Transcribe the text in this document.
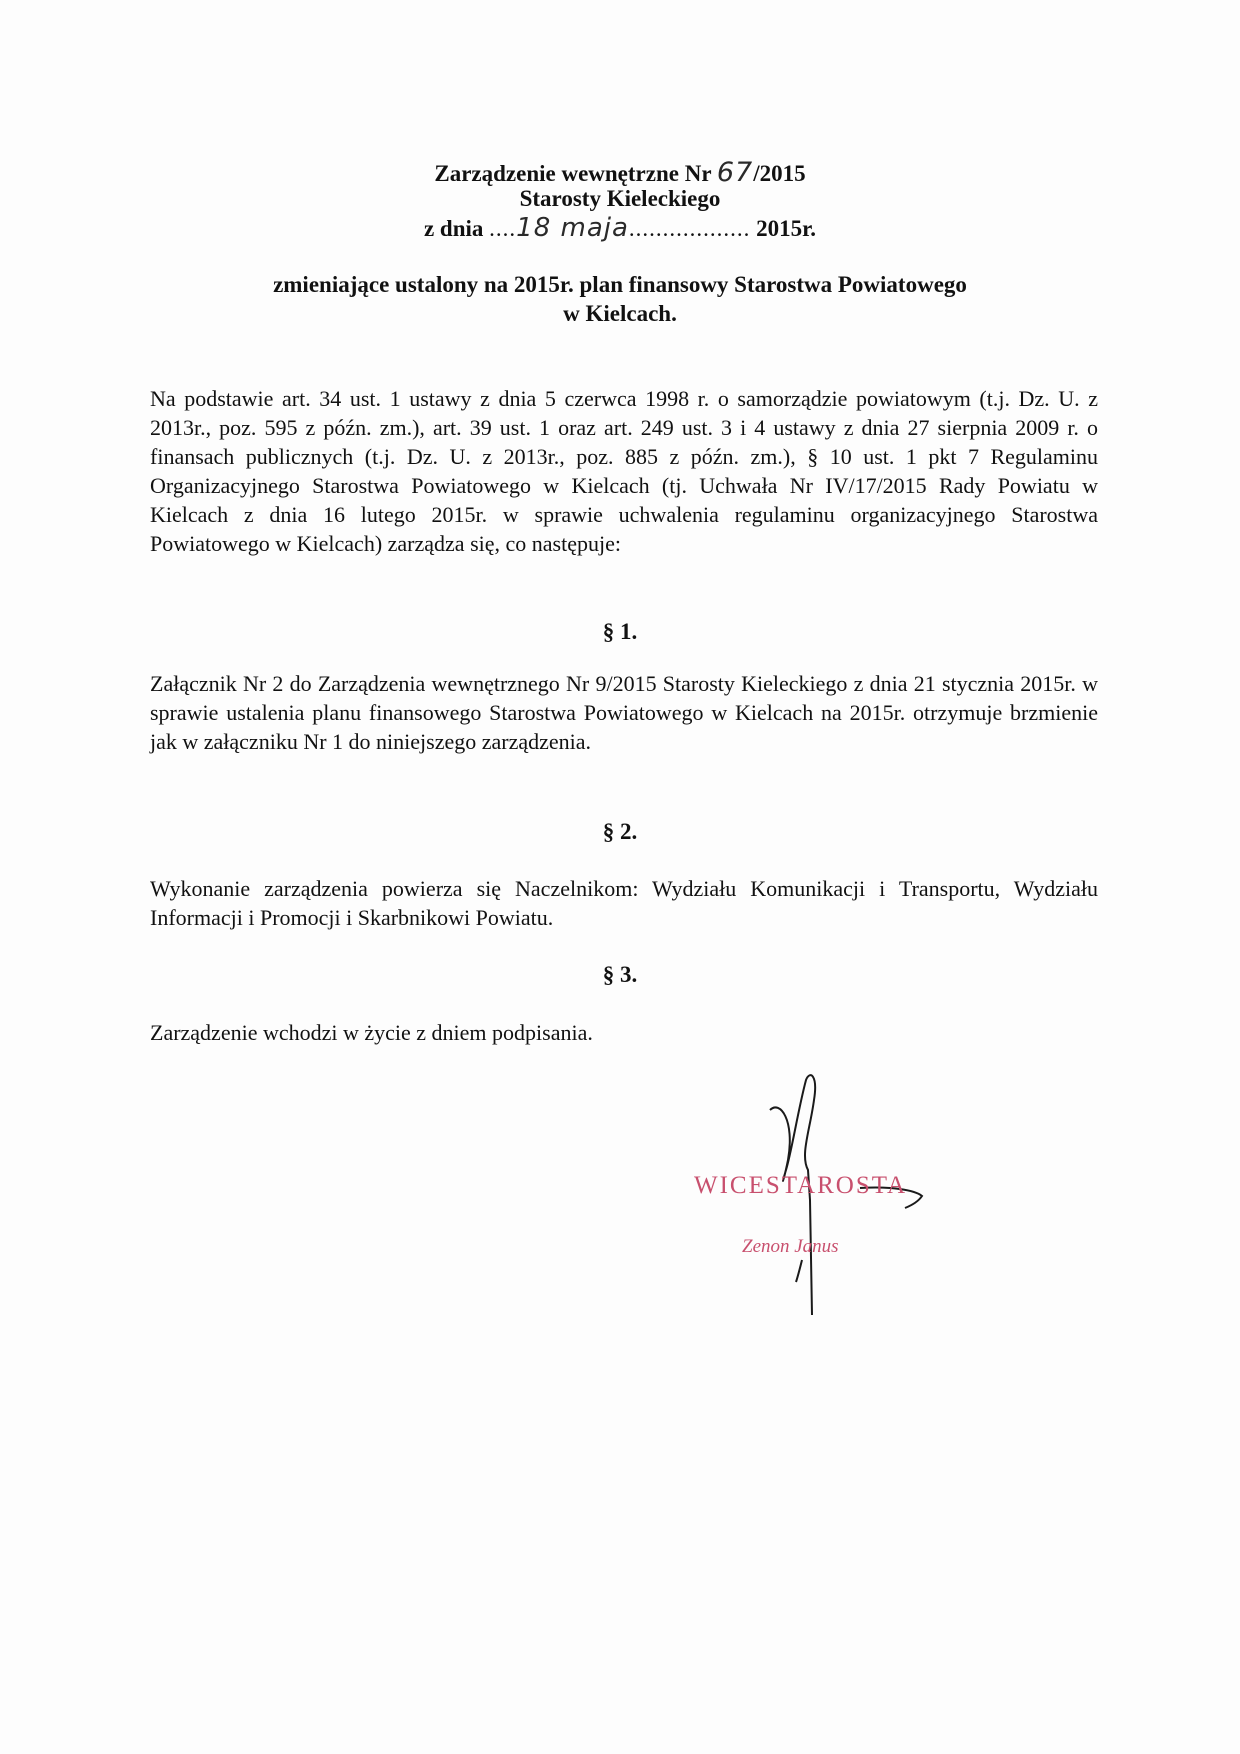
Zarządzenie wewnętrzne Nr 67/2015
Starosty Kieleckiego
z dnia ....18 maja.................. 2015r.
zmieniające ustalony na 2015r. plan finansowy Starostwa Powiatowego
w Kielcach.
Na podstawie art. 34 ust. 1 ustawy z dnia 5 czerwca 1998 r. o samorządzie powiatowym (t.j. Dz. U. z 2013r., poz. 595 z późn. zm.), art. 39 ust. 1 oraz art. 249 ust. 3 i 4 ustawy z dnia 27 sierpnia 2009 r. o finansach publicznych (t.j. Dz. U. z 2013r., poz. 885 z późn. zm.), § 10 ust. 1 pkt 7 Regulaminu Organizacyjnego Starostwa Powiatowego w Kielcach (tj. Uchwała Nr IV/17/2015 Rady Powiatu w Kielcach z dnia 16 lutego 2015r. w sprawie uchwalenia regulaminu organizacyjnego Starostwa Powiatowego w Kielcach) zarządza się, co następuje:
§ 1.
Załącznik Nr 2 do Zarządzenia wewnętrznego Nr 9/2015 Starosty Kieleckiego z dnia 21 stycznia 2015r. w sprawie ustalenia planu finansowego Starostwa Powiatowego w Kielcach na 2015r. otrzymuje brzmienie jak w załączniku Nr 1 do niniejszego zarządzenia.
§ 2.
Wykonanie zarządzenia powierza się Naczelnikom: Wydziału Komunikacji i Transportu, Wydziału Informacji i Promocji i Skarbnikowi Powiatu.
§ 3.
Zarządzenie wchodzi w życie z dniem podpisania.
WICESTAROSTA
Zenon Janus
